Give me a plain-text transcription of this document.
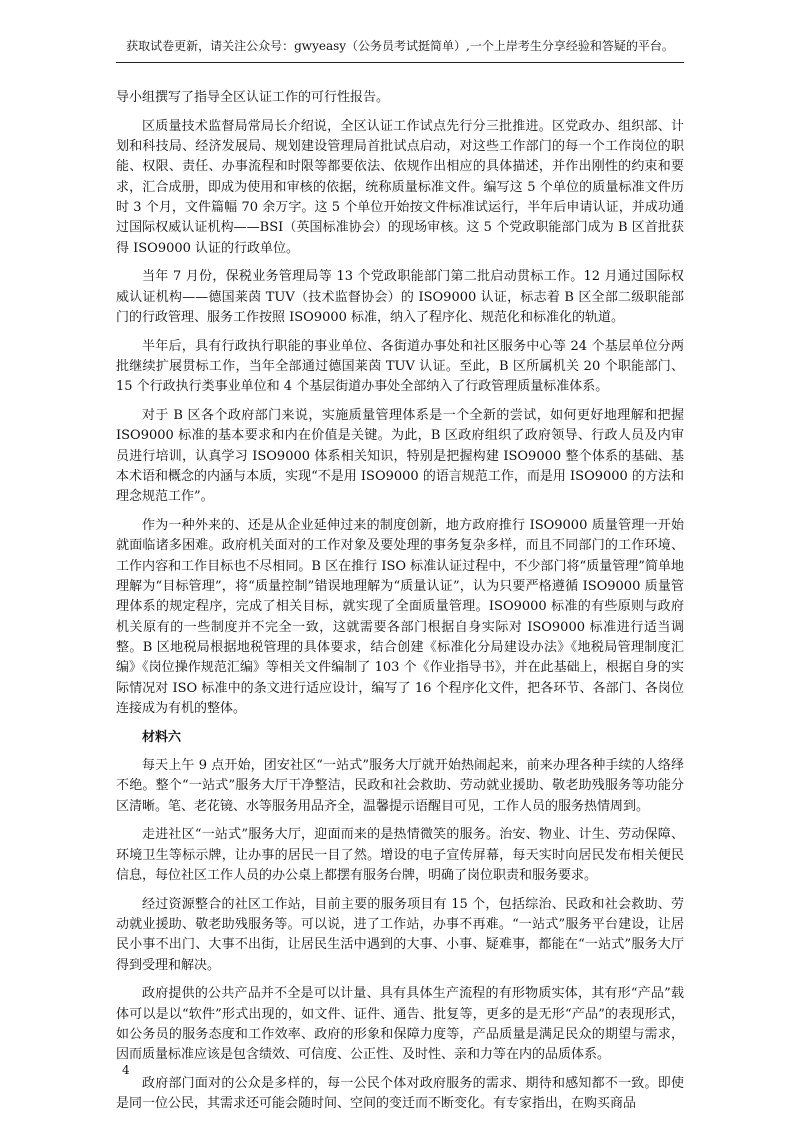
获取试卷更新，请关注公众号：gwyeasy（公务员考试挺简单）,一个上岸考生分享经验和答疑的平台。

导小组撰写了指导全区认证工作的可行性报告。

区质量技术监督局常局长介绍说，全区认证工作试点先行分三批推进。区党政办、组织部、计划和科技局、经济发展局、规划建设管理局首批试点启动，对这些工作部门的每一个工作岗位的职能、权限、责任、办事流程和时限等都要依法、依规作出相应的具体描述，并作出刚性的约束和要求，汇合成册，即成为使用和审核的依据，统称质量标准文件。编写这 5 个单位的质量标准文件历时 3 个月，文件篇幅 70 余万字。这 5 个单位开始按文件标准试运行，半年后申请认证，并成功通过国际权威认证机构——BSI（英国标准协会）的现场审核。这 5 个党政职能部门成为 B 区首批获得 ISO9000 认证的行政单位。

当年 7 月份，保税业务管理局等 13 个党政职能部门第二批启动贯标工作。12 月通过国际权威认证机构——德国莱茵 TUV（技术监督协会）的 ISO9000 认证，标志着 B 区全部二级职能部门的行政管理、服务工作按照 ISO9000 标准，纳入了程序化、规范化和标准化的轨道。

半年后，具有行政执行职能的事业单位、各街道办事处和社区服务中心等 24 个基层单位分两批继续扩展贯标工作，当年全部通过德国莱茵 TUV 认证。至此，B 区所属机关 20 个职能部门、15 个行政执行类事业单位和 4 个基层街道办事处全部纳入了行政管理质量标准体系。

对于 B 区各个政府部门来说，实施质量管理体系是一个全新的尝试，如何更好地理解和把握 ISO9000 标准的基本要求和内在价值是关键。为此，B 区政府组织了政府领导、行政人员及内审员进行培训，认真学习 ISO9000 体系相关知识，特别是把握构建 ISO9000 整个体系的基础、基本术语和概念的内涵与本质，实现“不是用 ISO9000 的语言规范工作，而是用 ISO9000 的方法和理念规范工作”。

作为一种外来的、还是从企业延伸过来的制度创新，地方政府推行 ISO9000 质量管理一开始就面临诸多困难。政府机关面对的工作对象及要处理的事务复杂多样，而且不同部门的工作环境、工作内容和工作目标也不尽相同。B 区在推行 ISO 标准认证过程中，不少部门将“质量管理”简单地理解为“目标管理”，将“质量控制”错误地理解为“质量认证”，认为只要严格遵循 ISO9000 质量管理体系的规定程序，完成了相关目标，就实现了全面质量管理。ISO9000 标准的有些原则与政府机关原有的一些制度并不完全一致，这就需要各部门根据自身实际对 ISO9000 标准进行适当调整。B 区地税局根据地税管理的具体要求，结合创建《标准化分局建设办法》《地税局管理制度汇编》《岗位操作规范汇编》等相关文件编制了 103 个《作业指导书》，并在此基础上，根据自身的实际情况对 ISO 标准中的条文进行适应设计，编写了 16 个程序化文件，把各环节、各部门、各岗位连接成为有机的整体。

材料六

每天上午 9 点开始，团安社区“一站式”服务大厅就开始热闹起来，前来办理各种手续的人络绎不绝。整个“一站式”服务大厅干净整洁，民政和社会救助、劳动就业援助、敬老助残服务等功能分区清晰。笔、老花镜、水等服务用品齐全，温馨提示语醒目可见，工作人员的服务热情周到。

走进社区“一站式”服务大厅，迎面而来的是热情微笑的服务。治安、物业、计生、劳动保障、环境卫生等标示牌，让办事的居民一目了然。增设的电子宣传屏幕，每天实时向居民发布相关便民信息，每位社区工作人员的办公桌上都摆有服务台牌，明确了岗位职责和服务要求。

经过资源整合的社区工作站，目前主要的服务项目有 15 个，包括综治、民政和社会救助、劳动就业援助、敬老助残服务等。可以说，进了工作站，办事不再难。“一站式”服务平台建设，让居民小事不出门、大事不出街，让居民生活中遇到的大事、小事、疑难事，都能在“一站式”服务大厅得到受理和解决。

政府提供的公共产品并不全是可以计量、具有具体生产流程的有形物质实体，其有形“产品”载体可以是以“软件”形式出现的，如文件、证件、通告、批复等，更多的是无形“产品”的表现形式，如公务员的服务态度和工作效率、政府的形象和保障力度等，产品质量是满足民众的期望与需求，因而质量标准应该是包含绩效、可信度、公正性、及时性、亲和力等在内的品质体系。

政府部门面对的公众是多样的，每一公民个体对政府服务的需求、期待和感知都不一致。即使是同一位公民，其需求还可能会随时间、空间的变迁而不断变化。有专家指出，在购买商品

4
